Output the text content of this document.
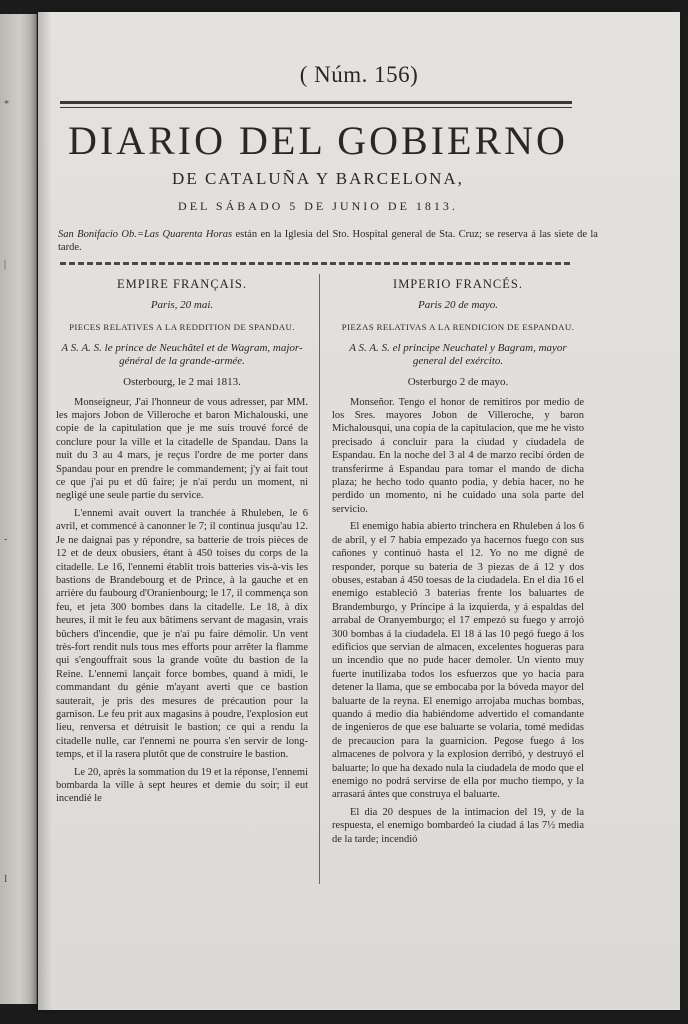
*
|
-
I
( Núm. 156)
DIARIO DEL GOBIERNO
DE CATALUÑA Y BARCELONA,
DEL SÁBADO 5 DE JUNIO DE 1813.
San Bonifacio Ob.=Las Quarenta Horas están en la Iglesia del Sto. Hospital general de Sta. Cruz; se reserva á las siete de la tarde.
EMPIRE FRANÇAIS.
Paris, 20 mai.
PIECES RELATIVES A LA REDDITION DE SPANDAU.
A S. A. S. le prince de Neuchâtel et de Wagram, major-général de la grande-armée.
Osterbourg, le 2 mai 1813.

Monseigneur, J'ai l'honneur de vous adresser, par MM. les majors Jobon de Villeroche et baron Michalouski, une copie de la capitulation que je me suis trouvé forcé de conclure pour la ville et la citadelle de Spandau. Dans la nuit du 3 au 4 mars, je reçus l'ordre de me porter dans Spandau pour en prendre le commandement; j'y ai fait tout ce que j'ai pu et dû faire; je n'ai perdu un moment, ni negligé une seule partie du service.

L'ennemi avait ouvert la tranchée à Rhuleben, le 6 avril, et commencé à canonner le 7; il continua jusqu'au 12. Je ne daignai pas y répondre, sa batterie de trois pièces de 12 et de deux obusiers, étant à 450 toises du corps de la citadelle. Le 16, l'ennemi établit trois batteries vis-à-vis les bastions de Brandebourg et de Prince, à la gauche et en arrière du faubourg d'Oranienbourg; le 17, il commença son feu, et jeta 300 bombes dans la citadelle. Le 18, à dix heures, il mit le feu aux bâtimens servant de magasin, vrais bûchers d'incendie, que je n'ai pu faire démolir. Un vent très-fort rendit nuls tous mes efforts pour arrêter la flamme qui s'engouffrait sous la grande voûte du bastion de la Reine. L'ennemi lançait force bombes, quand à midi, le commandant du génie m'ayant averti que ce bastion sauterait, je pris des mesures de précaution pour la garnison. Le feu prit aux magasins à poudre, l'explosion eut lieu, renversa et détruisit le bastion; ce qui a rendu la citadelle nulle, car l'ennemi ne pourra s'en servir de long-temps, et il la rasera plutôt que de construire le bastion.

Le 20, après la sommation du 19 et la réponse, l'ennemi bombarda la ville à sept heures et demie du soir; il eut incendié le

IMPERIO FRANCÉS.
Paris 20 de mayo.
PIEZAS RELATIVAS A LA RENDICION DE ESPANDAU.
A S. A. S. el principe Neuchatel y Bagram, mayor general del exército.
Osterburgo 2 de mayo.

Monseñor. Tengo el honor de remitiros por medio de los Sres. mayores Jobon de Villeroche, y baron Michalousqui, una copia de la capitulacion, que me he visto precisado á concluir para la ciudad y ciudadela de Espandau. En la noche del 3 al 4 de marzo recibí órden de transferirme á Espandau para tomar el mando de dicha plaza; he hecho todo quanto podia, y debia hacer, no he perdido un momento, ni he cuidado una sola parte del servicio.

El enemigo habia abierto trinchera en Rhuleben á los 6 de abril, y el 7 habia empezado ya hacernos fuego con sus cañones y continuó hasta el 12. Yo no me digné de responder, porque su bateria de 3 piezas de á 12 y dos obuses, estaban á 450 toesas de la ciudadela. En el dia 16 el enemigo estableció 3 baterias frente los baluartes de Brandemburgo, y Príncipe á la izquierda, y á espaldas del arrabal de Oranyemburgo; el 17 empezó su fuego y arrojó 300 bombas á la ciudadela. El 18 á las 10 pegó fuego á los edificios que servian de almacen, excelentes hogueras para un incendio que no pude hacer demoler. Un viento muy fuerte inutilizaba todos los esfuerzos que yo hacia para detener la llama, que se embocaba por la bóveda mayor del baluarte de la reyna. El enemigo arrojaba muchas bombas, quando á medio dia habiéndome advertido el comandante de ingenieros de que ese baluarte se volaria, tomé medidas de precaucion para la guarnicion. Pegose fuego á los almacenes de polvora y la explosion derribó, y destruyó el baluarte; lo que ha dexado nula la ciudadela de modo que el enemigo no podrá servirse de ella por mucho tiempo, y la arrasará ántes que construya el baluarte.

El dia 20 despues de la intimacion del 19, y de la respuesta, el enemigo bombardeó la ciudad á las 7½ media de la tarde; incendió
